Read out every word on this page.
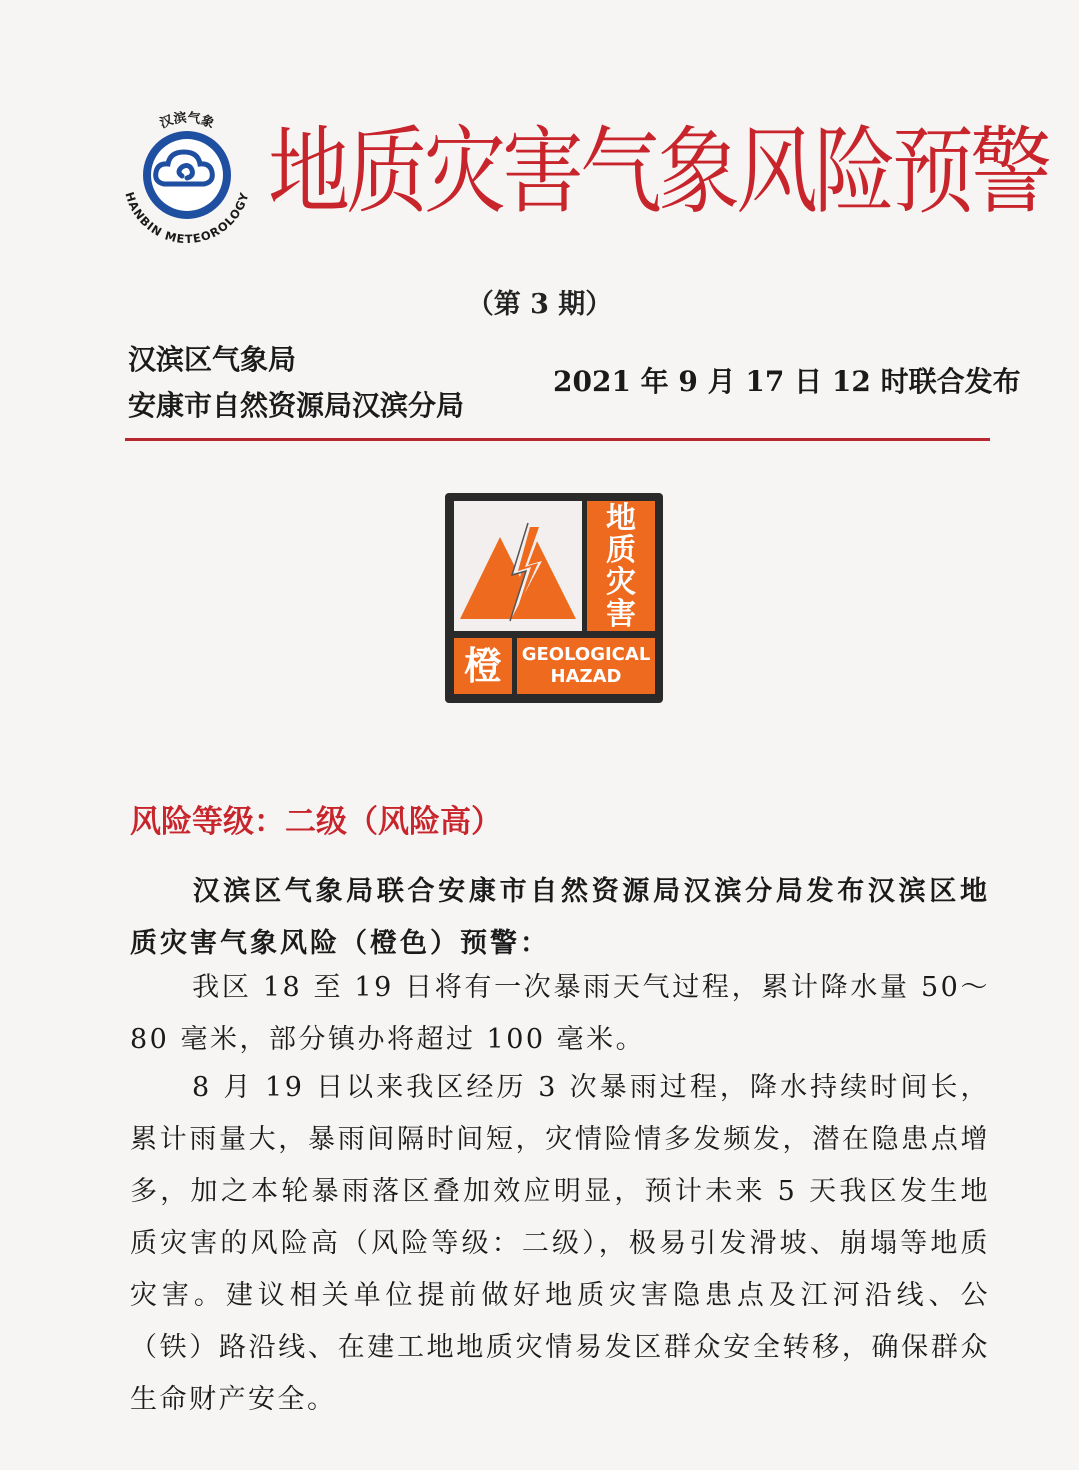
汉滨气象
HANBIN METEOROLOGY 地质灾害气象风险预警
（第 3 期）
汉滨区气象局
安康市自然资源局汉滨分局
2021 年 9 月 17 日 12 时联合发布
地
质
灾
害
橙	GEOLOGICAL
HAZAD
风险等级：二级（风险高）
汉滨区气象局联合安康市自然资源局汉滨分局发布汉滨区地质灾害气象风险（橙色）预警：
我区 18 至 19 日将有一次暴雨天气过程，累计降水量 50～80 毫米，部分镇办将超过 100 毫米。
8 月 19 日以来我区经历 3 次暴雨过程，降水持续时间长，累计雨量大，暴雨间隔时间短，灾情险情多发频发，潜在隐患点增多，加之本轮暴雨落区叠加效应明显，预计未来 5 天我区发生地质灾害的风险高（风险等级：二级），极易引发滑坡、崩塌等地质灾害。建议相关单位提前做好地质灾害隐患点及江河沿线、公（铁）路沿线、在建工地地质灾情易发区群众安全转移，确保群众生命财产安全。
